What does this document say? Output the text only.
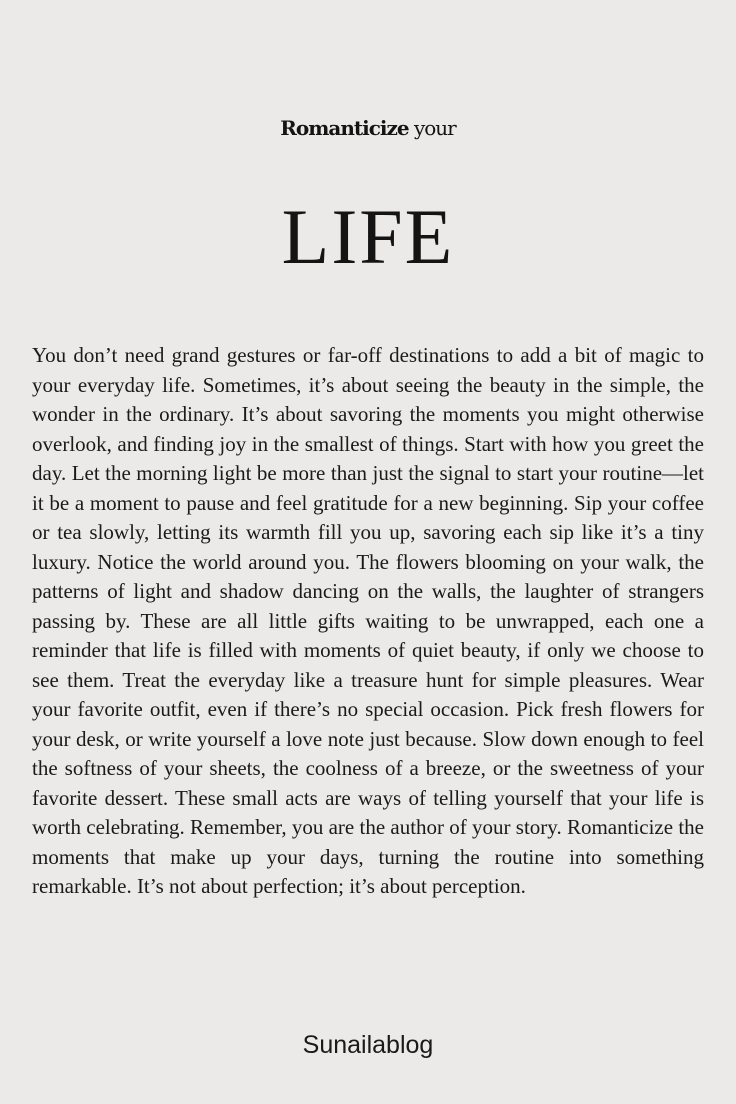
Romanticize your
LIFE

You don’t need grand gestures or far-off destinations to add a bit of magic to your everyday life. Sometimes, it’s about seeing the beauty in the simple, the wonder in the ordinary. It’s about savoring the moments you might otherwise overlook, and finding joy in the smallest of things. Start with how you greet the day. Let the morning light be more than just the signal to start your routine—let it be a moment to pause and feel gratitude for a new beginning. Sip your coffee or tea slowly, letting its warmth fill you up, savoring each sip like it’s a tiny luxury. Notice the world around you. The flowers blooming on your walk, the patterns of light and shadow dancing on the walls, the laughter of strangers passing by. These are all little gifts waiting to be unwrapped, each one a reminder that life is filled with moments of quiet beauty, if only we choose to see them. Treat the everyday like a treasure hunt for simple pleasures. Wear your favorite outfit, even if there’s no special occasion. Pick fresh flowers for your desk, or write yourself a love note just because. Slow down enough to feel the softness of your sheets, the coolness of a breeze, or the sweetness of your favorite dessert. These small acts are ways of telling yourself that your life is worth celebrating. Remember, you are the author of your story. Romanticize the moments that make up your days, turning the routine into something remarkable. It’s not about perfection; it’s about perception.

Sunailablog
